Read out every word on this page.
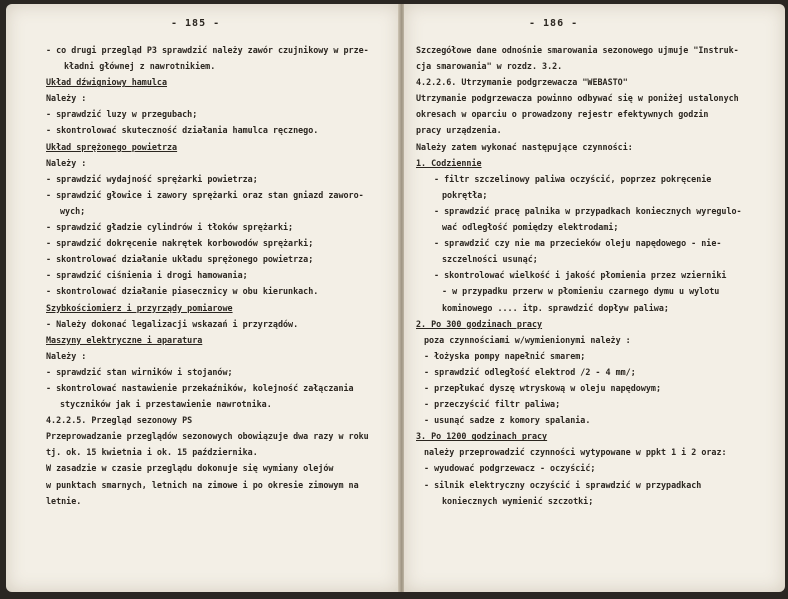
- 185 -
- co drugi przegląd P3 sprawdzić należy zawór czujnikowy w prze-
kładni głównej z nawrotnikiem.
Układ dźwigniowy hamulca
Należy :
- sprawdzić luzy w przegubach;
- skontrolować skuteczność działania hamulca ręcznego.
Układ sprężonego powietrza
Należy :
- sprawdzić wydajność sprężarki powietrza;
- sprawdzić głowice i zawory sprężarki oraz stan gniazd zaworo-
wych;
- sprawdzić gładzie cylindrów i tłoków sprężarki;
- sprawdzić dokręcenie nakrętek korbowodów sprężarki;
- skontrolować działanie układu sprężonego powietrza;
- sprawdzić ciśnienia i drogi hamowania;
- skontrolować działanie piasecznicy w obu kierunkach.
Szybkościomierz i przyrządy pomiarowe
- Należy dokonać legalizacji wskazań i przyrządów.
Maszyny elektryczne i aparatura
Należy :
- sprawdzić stan wirników i stojanów;
- skontrolować nastawienie przekaźników, kolejność załączania
styczników jak i przestawienie nawrotnika.
4.2.2.5. Przegląd sezonowy PS
Przeprowadzanie przeglądów sezonowych obowiązuje dwa razy w roku
tj. ok. 15 kwietnia i ok. 15 października.
W zasadzie w czasie przeglądu dokonuje się wymiany olejów
w punktach smarnych, letnich na zimowe i po okresie zimowym na
letnie.
- 186 -
Szczegółowe dane odnośnie smarowania sezonowego ujmuje "Instruk-
cja smarowania" w rozdz. 3.2.
4.2.2.6. Utrzymanie podgrzewacza "WEBASTO"
Utrzymanie podgrzewacza powinno odbywać się w poniżej ustalonych
okresach w oparciu o prowadzony rejestr efektywnych godzin
pracy urządzenia.
Należy zatem wykonać następujące czynności:
1. Codziennie
- filtr szczelinowy paliwa oczyścić, poprzez pokręcenie
pokrętła;
- sprawdzić pracę palnika w przypadkach koniecznych wyregulo-
wać odległość pomiędzy elektrodami;
- sprawdzić czy nie ma przecieków oleju napędowego - nie-
szczelności usunąć;
- skontrolować wielkość i jakość płomienia przez wzierniki
- w przypadku przerw w płomieniu czarnego dymu u wylotu
kominowego .... itp. sprawdzić dopływ paliwa;
2. Po 300 godzinach pracy
poza czynnościami w/wymienionymi należy :
- łożyska pompy napełnić smarem;
- sprawdzić odległość elektrod /2 - 4 mm/;
- przepłukać dyszę wtryskową w oleju napędowym;
- przeczyścić filtr paliwa;
- usunąć sadze z komory spalania.
3. Po 1200 godzinach pracy
należy przeprowadzić czynności wytypowane w ppkt 1 i 2 oraz:
- wyudować podgrzewacz - oczyścić;
- silnik elektryczny oczyścić i sprawdzić w przypadkach
koniecznych wymienić szczotki;
